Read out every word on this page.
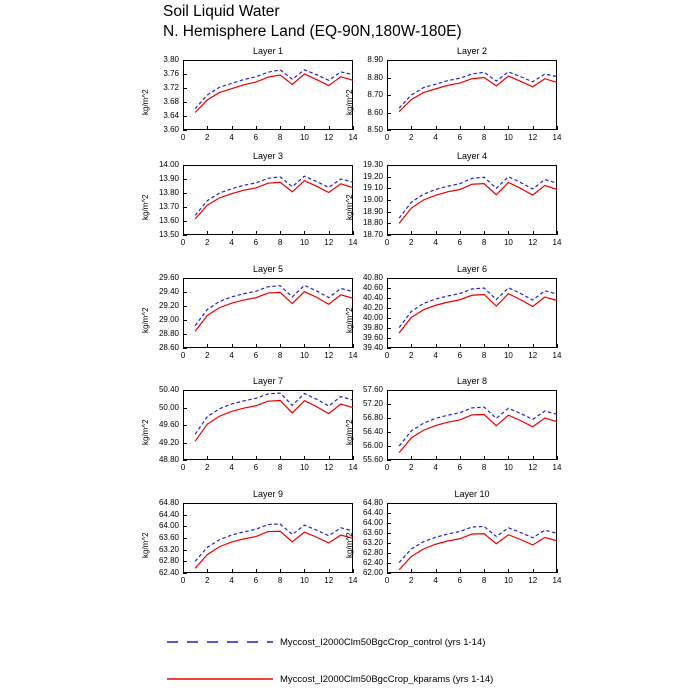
Soil Liquid Water
N. Hemisphere Land (EQ-90N,180W-180E)
Layer 1
kg/m^2
3.60
3.64
3.68
3.72
3.76
3.80
0	2	4	6	8	10	12	14
Layer 2
kg/m^2
8.50
8.60
8.70
8.80
8.90
0	2	4	6	8	10	12	14
Layer 3
kg/m^2
13.50
13.60
13.70
13.80
13.90
14.00
0	2	4	6	8	10	12	14
Layer 4
kg/m^2
18.70
18.80
18.90
19.00
19.10
19.20
19.30
0	2	4	6	8	10	12	14
Layer 5
kg/m^2
28.60
28.80
29.00
29.20
29.40
29.60
0	2	4	6	8	10	12	14
Layer 6
kg/m^2
39.40
39.60
39.80
40.00
40.20
40.40
40.60
40.80
0	2	4	6	8	10	12	14
Layer 7
kg/m^2
48.80
49.20
49.60
50.00
50.40
0	2	4	6	8	10	12	14
Layer 8
kg/m^2
55.60
56.00
56.40
56.80
57.20
57.60
0	2	4	6	8	10	12	14
Layer 9
kg/m^2
62.40
62.80
63.20
63.60
64.00
64.40
64.80
0	2	4	6	8	10	12	14
Layer 10
kg/m^2
62.00
62.40
62.80
63.20
63.60
64.00
64.40
64.80
0	2	4	6	8	10	12	14
Myccost_I2000Clm50BgcCrop_control (yrs 1-14)
Myccost_I2000Clm50BgcCrop_kparams (yrs 1-14)
